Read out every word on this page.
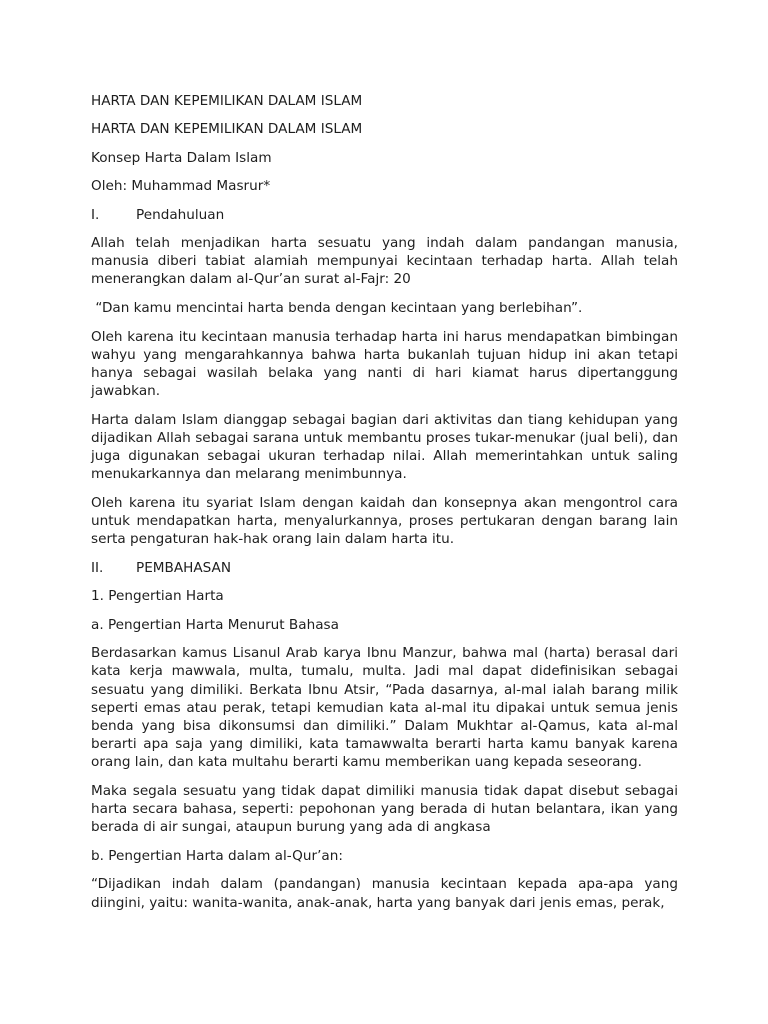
HARTA DAN KEPEMILIKAN DALAM ISLAM
HARTA DAN KEPEMILIKAN DALAM ISLAM
Konsep Harta Dalam Islam
Oleh: Muhammad Masrur*
I.	Pendahuluan

Allah telah menjadikan harta sesuatu yang indah dalam pandangan manusia, manusia diberi tabiat alamiah mempunyai kecintaan terhadap harta. Allah telah menerangkan dalam al-Qur’an surat al-Fajr: 20

“Dan kamu mencintai harta benda dengan kecintaan yang berlebihan”.

Oleh karena itu kecintaan manusia terhadap harta ini harus mendapatkan bimbingan wahyu yang mengarahkannya bahwa harta bukanlah tujuan hidup ini akan tetapi hanya sebagai wasilah belaka yang nanti di hari kiamat harus dipertanggung jawabkan.

Harta dalam Islam dianggap sebagai bagian dari aktivitas dan tiang kehidupan yang dijadikan Allah sebagai sarana untuk membantu proses tukar-menukar (jual beli), dan juga digunakan sebagai ukuran terhadap nilai. Allah memerintahkan untuk saling menukarkannya dan melarang menimbunnya.

Oleh karena itu syariat Islam dengan kaidah dan konsepnya akan mengontrol cara untuk mendapatkan harta, menyalurkannya, proses pertukaran dengan barang lain serta pengaturan hak-hak orang lain dalam harta itu.

II. PEMBAHASAN
1. Pengertian Harta
a. Pengertian Harta Menurut Bahasa

Berdasarkan kamus Lisanul Arab karya Ibnu Manzur, bahwa mal (harta) berasal dari kata kerja mawwala, multa, tumalu, multa. Jadi mal dapat didefinisikan sebagai sesuatu yang dimiliki. Berkata Ibnu Atsir, “Pada dasarnya, al-mal ialah barang milik seperti emas atau perak, tetapi kemudian kata al-mal itu dipakai untuk semua jenis benda yang bisa dikonsumsi dan dimiliki.” Dalam Mukhtar al-Qamus, kata al-mal berarti apa saja yang dimiliki, kata tamawwalta berarti harta kamu banyak karena orang lain, dan kata multahu berarti kamu memberikan uang kepada seseorang.

Maka segala sesuatu yang tidak dapat dimiliki manusia tidak dapat disebut sebagai harta secara bahasa, seperti: pepohonan yang berada di hutan belantara, ikan yang berada di air sungai, ataupun burung yang ada di angkasa

b. Pengertian Harta dalam al-Qur’an:

“Dijadikan indah dalam (pandangan) manusia kecintaan kepada apa-apa yang diingini, yaitu: wanita-wanita, anak-anak, harta yang banyak dari jenis emas, perak,
